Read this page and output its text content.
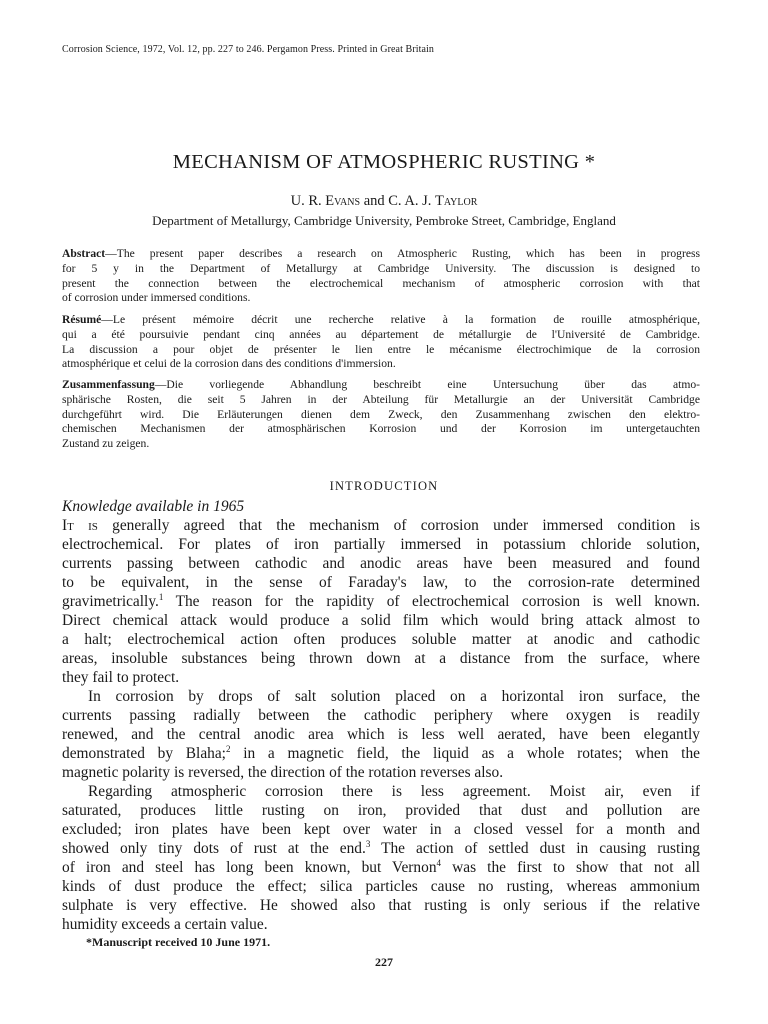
Corrosion Science, 1972, Vol. 12, pp. 227 to 246. Pergamon Press. Printed in Great Britain
MECHANISM OF ATMOSPHERIC RUSTING *
U. R. Evans and C. A. J. Taylor
Department of Metallurgy, Cambridge University, Pembroke Street, Cambridge, England

Abstract—The present paper describes a research on Atmospheric Rusting, which has been in progress
for 5 y in the Department of Metallurgy at Cambridge University. The discussion is designed to
present the connection between the electrochemical mechanism of atmospheric corrosion with that
of corrosion under immersed conditions.

Résumé—Le présent mémoire décrit une recherche relative à la formation de rouille atmosphérique,
qui a été poursuivie pendant cinq années au département de métallurgie de l'Université de Cambridge.
La discussion a pour objet de présenter le lien entre le mécanisme électrochimique de la corrosion
atmosphérique et celui de la corrosion dans des conditions d'immersion.

Zusammenfassung—Die vorliegende Abhandlung beschreibt eine Untersuchung über das atmo-
sphärische Rosten, die seit 5 Jahren in der Abteilung für Metallurgie an der Universität Cambridge
durchgeführt wird. Die Erläuterungen dienen dem Zweck, den Zusammenhang zwischen den elektro-
chemischen Mechanismen der atmosphärischen Korrosion und der Korrosion im untergetauchten
Zustand zu zeigen.

INTRODUCTION
Knowledge available in 1965

It is generally agreed that the mechanism of corrosion under immersed condition is
electrochemical. For plates of iron partially immersed in potassium chloride solution,
currents passing between cathodic and anodic areas have been measured and found
to be equivalent, in the sense of Faraday's law, to the corrosion-rate determined
gravimetrically.$^1$ The reason for the rapidity of electrochemical corrosion is well known.
Direct chemical attack would produce a solid film which would bring attack almost to
a halt; electrochemical action often produces soluble matter at anodic and cathodic
areas, insoluble substances being thrown down at a distance from the surface, where
they fail to protect.

In corrosion by drops of salt solution placed on a horizontal iron surface, the
currents passing radially between the cathodic periphery where oxygen is readily
renewed, and the central anodic area which is less well aerated, have been elegantly
demonstrated by Blaha;$^2$ in a magnetic field, the liquid as a whole rotates; when the
magnetic polarity is reversed, the direction of the rotation reverses also.

Regarding atmospheric corrosion there is less agreement. Moist air, even if
saturated, produces little rusting on iron, provided that dust and pollution are
excluded; iron plates have been kept over water in a closed vessel for a month and
showed only tiny dots of rust at the end.$^3$ The action of settled dust in causing rusting
of iron and steel has long been known, but Vernon$^4$ was the first to show that not all
kinds of dust produce the effect; silica particles cause no rusting, whereas ammonium
sulphate is very effective. He showed also that rusting is only serious if the relative
humidity exceeds a certain value.

*Manuscript received 10 June 1971.
227
